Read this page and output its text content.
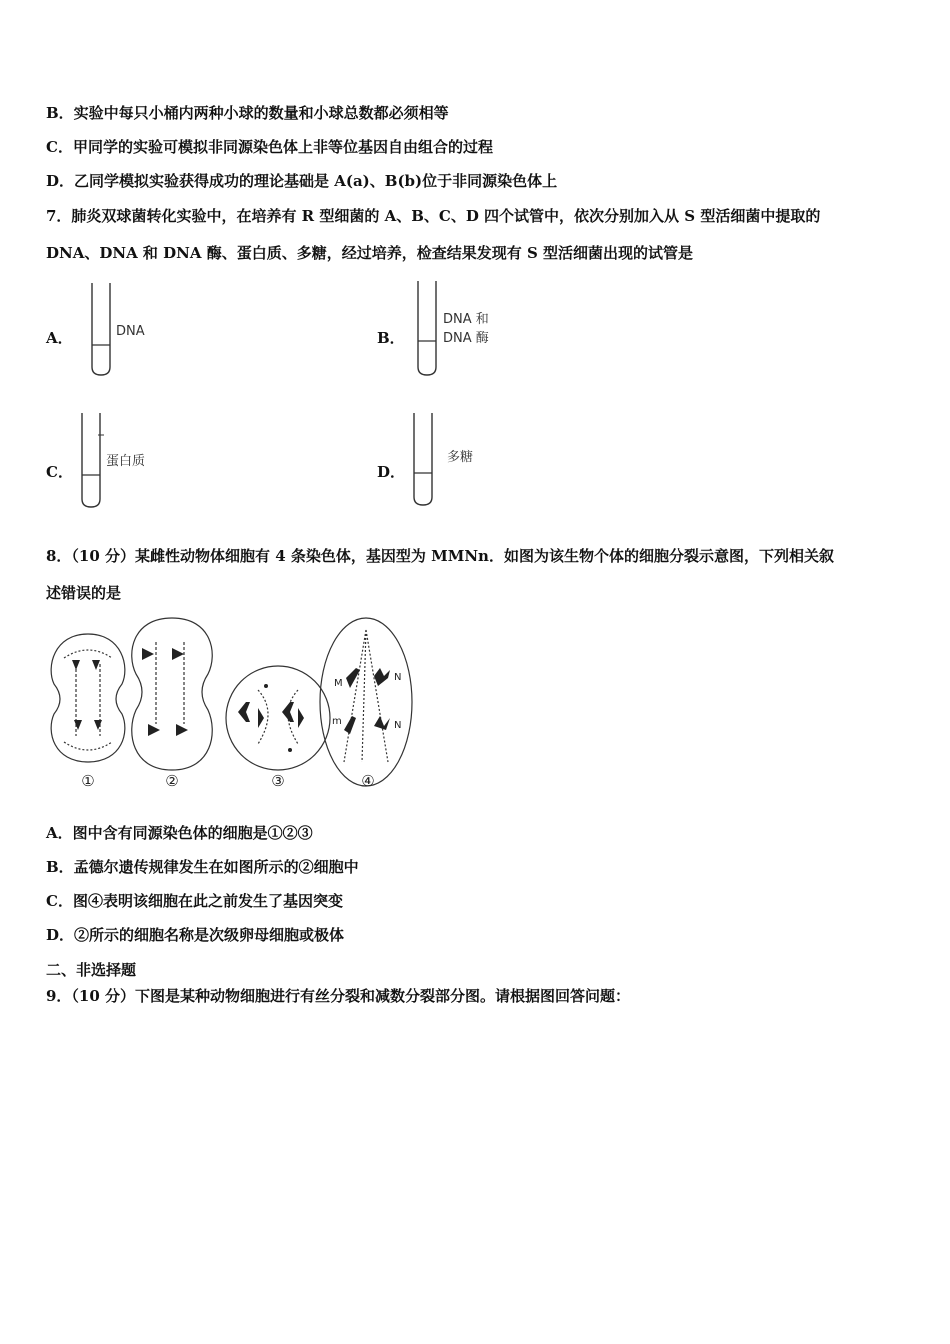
B．实验中每只小桶内两种小球的数量和小球总数都必须相等
C．甲同学的实验可模拟非同源染色体上非等位基因自由组合的过程
D．乙同学模拟实验获得成功的理论基础是 A(a)、B(b)位于非同源染色体上
7．肺炎双球菌转化实验中，在培养有 R 型细菌的 A、B、C、D 四个试管中，依次分别加入从 S 型活细菌中提取的
DNA、DNA 和 DNA 酶、蛋白质、多糖，经过培养，检查结果发现有 S 型活细菌出现的试管是
A．	DNA	B．
DNA 和
DNA 酶
C．
蛋白质
D．
多糖
8．（10 分）某雌性动物体细胞有 4 条染色体，基因型为 MMNn．如图为该生物个体的细胞分裂示意图，下列相关叙
述错误的是
M
N
m	N
①	②	③	④
A．图中含有同源染色体的细胞是①②③
B．孟德尔遗传规律发生在如图所示的②细胞中
C．图④表明该细胞在此之前发生了基因突变
D．②所示的细胞名称是次级卵母细胞或极体
二、非选择题
9．（10 分）下图是某种动物细胞进行有丝分裂和减数分裂部分图。请根据图回答问题：
